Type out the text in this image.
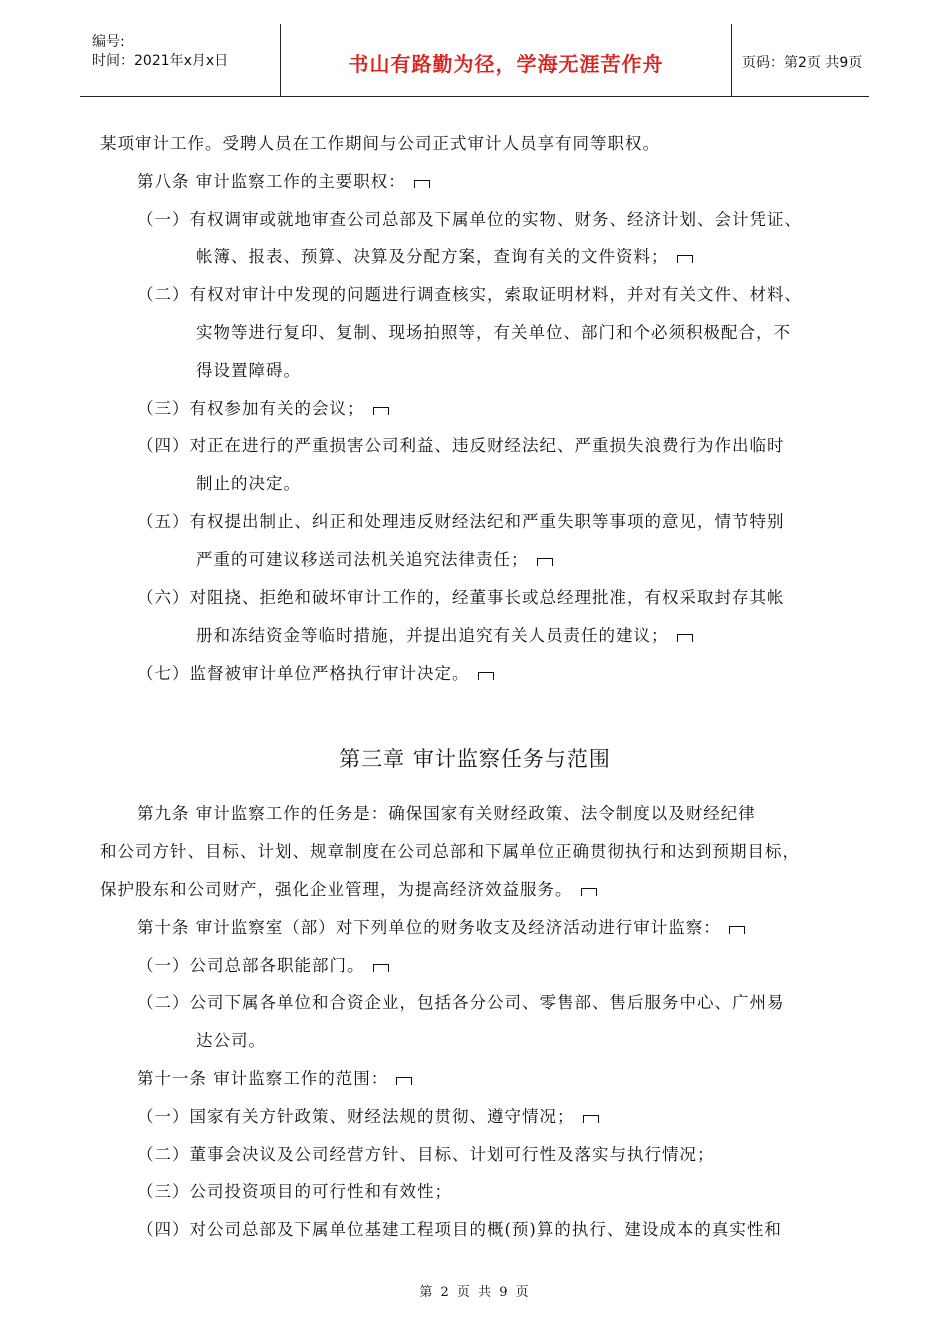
编号:
时间：2021年x月x日	书山有路勤为径，学海无涯苦作舟	页码：第2页 共9页
某项审计工作。受聘人员在工作期间与公司正式审计人员享有同等职权。
第八条 审计监察工作的主要职权：
（一）有权调审或就地审查公司总部及下属单位的实物、财务、经济计划、会计凭证、
帐簿、报表、预算、决算及分配方案，查询有关的文件资料；
（二）有权对审计中发现的问题进行调查核实，索取证明材料，并对有关文件、材料、
实物等进行复印、复制、现场拍照等，有关单位、部门和个必须积极配合，不
得设置障碍。
（三）有权参加有关的会议；
（四）对正在进行的严重损害公司利益、违反财经法纪、严重损失浪费行为作出临时
制止的决定。
（五）有权提出制止、纠正和处理违反财经法纪和严重失职等事项的意见，情节特别
严重的可建议移送司法机关追究法律责任；
（六）对阻挠、拒绝和破坏审计工作的，经董事长或总经理批准，有权采取封存其帐
册和冻结资金等临时措施，并提出追究有关人员责任的建议；
（七）监督被审计单位严格执行审计决定。
第三章 审计监察任务与范围
第九条 审计监察工作的任务是：确保国家有关财经政策、法令制度以及财经纪律
和公司方针、目标、计划、规章制度在公司总部和下属单位正确贯彻执行和达到预期目标，
保护股东和公司财产，强化企业管理，为提高经济效益服务。
第十条 审计监察室（部）对下列单位的财务收支及经济活动进行审计监察：
（一）公司总部各职能部门。
（二）公司下属各单位和合资企业，包括各分公司、零售部、售后服务中心、广州易
达公司。
第十一条 审计监察工作的范围：
（一）国家有关方针政策、财经法规的贯彻、遵守情况；
（二）董事会决议及公司经营方针、目标、计划可行性及落实与执行情况；
（三）公司投资项目的可行性和有效性；
（四）对公司总部及下属单位基建工程项目的概(预)算的执行、建设成本的真实性和
第 2 页 共 9 页
